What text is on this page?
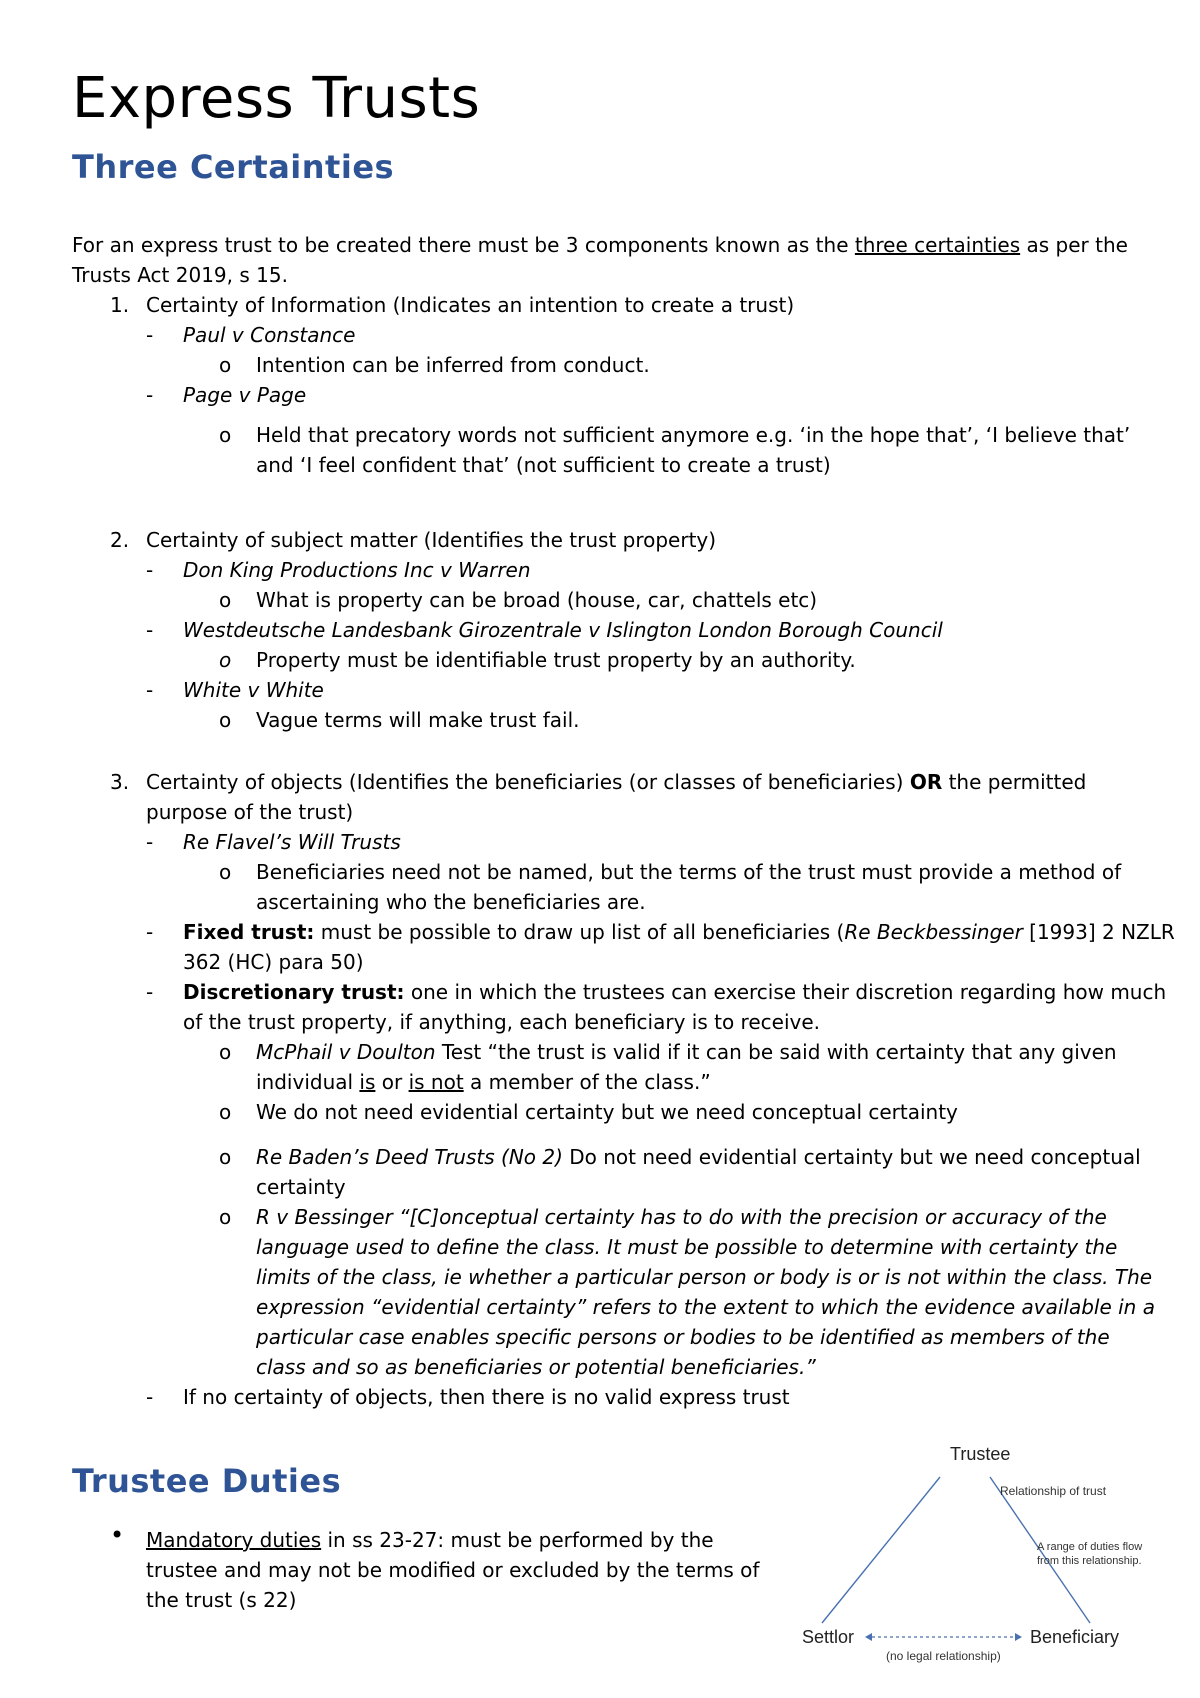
Express Trusts
Three Certainties
For an express trust to be created there must be 3 components known as the three certainties as per the
Trusts Act 2019, s 15.
1. Certainty of Information (Indicates an intention to create a trust)
- Paul v Constance
o Intention can be inferred from conduct.
- Page v Page
o Held that precatory words not sufficient anymore e.g. ‘in the hope that’, ‘I believe that’
and ‘I feel confident that’ (not sufficient to create a trust)
2. Certainty of subject matter (Identifies the trust property)
- Don King Productions Inc v Warren
o What is property can be broad (house, car, chattels etc)
- Westdeutsche Landesbank Girozentrale v Islington London Borough Council
o Property must be identifiable trust property by an authority.
- White v White
o Vague terms will make trust fail.
3. Certainty of objects (Identifies the beneficiaries (or classes of beneficiaries) OR the permitted
purpose of the trust)
- Re Flavel’s Will Trusts
o Beneficiaries need not be named, but the terms of the trust must provide a method of
ascertaining who the beneficiaries are.
- Fixed trust: must be possible to draw up list of all beneficiaries (Re Beckbessinger [1993] 2 NZLR
362 (HC) para 50)
- Discretionary trust: one in which the trustees can exercise their discretion regarding how much
of the trust property, if anything, each beneficiary is to receive.
o McPhail v Doulton Test “the trust is valid if it can be said with certainty that any given
individual is or is not a member of the class.”
o We do not need evidential certainty but we need conceptual certainty
o Re Baden’s Deed Trusts (No 2) Do not need evidential certainty but we need conceptual
certainty
o R v Bessinger “[C]onceptual certainty has to do with the precision or accuracy of the
language used to define the class. It must be possible to determine with certainty the
limits of the class, ie whether a particular person or body is or is not within the class. The
expression “evidential certainty” refers to the extent to which the evidence available in a
particular case enables specific persons or bodies to be identified as members of the
class and so as beneficiaries or potential beneficiaries.”
- If no certainty of objects, then there is no valid express trust
Trustee Duties
• Mandatory duties in ss 23-27: must be performed by the
trustee and may not be modified or excluded by the terms of
the trust (s 22)
Trustee
Relationship of trust
A range of duties flow
from this relationship.
Settlor	Beneficiary
(no legal relationship)
